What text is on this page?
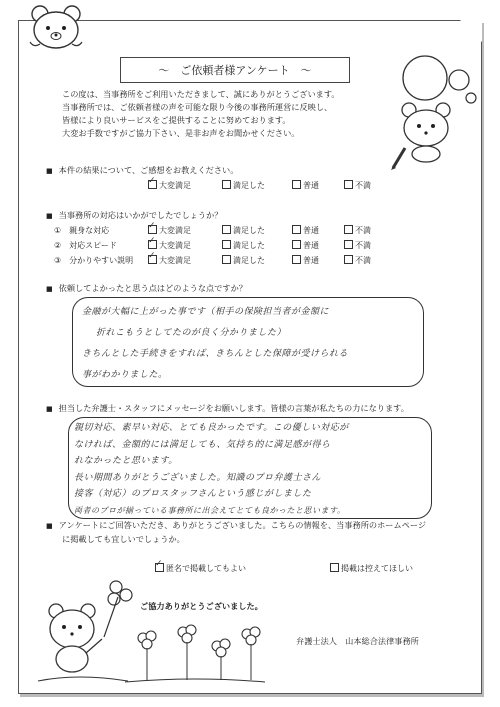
～　ご依頼者様アンケート　～
この度は、当事務所をご利用いただきまして、誠にありがとうございます。
当事務所では、ご依頼者様の声を可能な限り今後の事務所運営に反映し、
皆様により良いサービスをご提供することに努めております。
大変お手数ですがご協力下さい、是非お声をお聞かせください。
■ 本件の結果について、ご感想をお教えください。
✓大変満足	満足した	普通	不満
■ 当事務所の対応はいかがでしたでしょうか？
①　 親身な対応 ✓	大変満足	満足した	普通	不満
②　 対応スピード ✓	大変満足	満足した	普通	不満
③　 分かりやすい説明 ✓	大変満足	満足した	普通	不満
■ 依頼してよかったと思う点はどのような点ですか？
金融が大幅に上がった事です（相手の保険担当者が金額に
折れこもうとしてたのが良く分かりました）
きちんとした手続きをすれば、きちんとした保障が受けられる
事がわかりました。
■ 担当した弁護士・スタッフにメッセージをお願いします。皆様の言葉が私たちの力になります。
親切対応、素早い対応、とても良かったです。この優しい対応が
なければ、金額的には満足しても、気持ち的に満足感が得ら
れなかったと思います。
長い期間ありがとうございました。知識のプロ弁護士さん
接客（対応）のプロスタッフさんという感じがしました
両者のプロが揃っている事務所に出会えてとても良かったと思います。
■ アンケートにご回答いただき、ありがとうございました。こちらの情報を、当事務所のホームページ
に掲載しても宜しいでしょうか。
✓匿名で掲載してもよい	掲載は控えてほしい
ご協力ありがとうございました。
弁護士法人　山本総合法律事務所
